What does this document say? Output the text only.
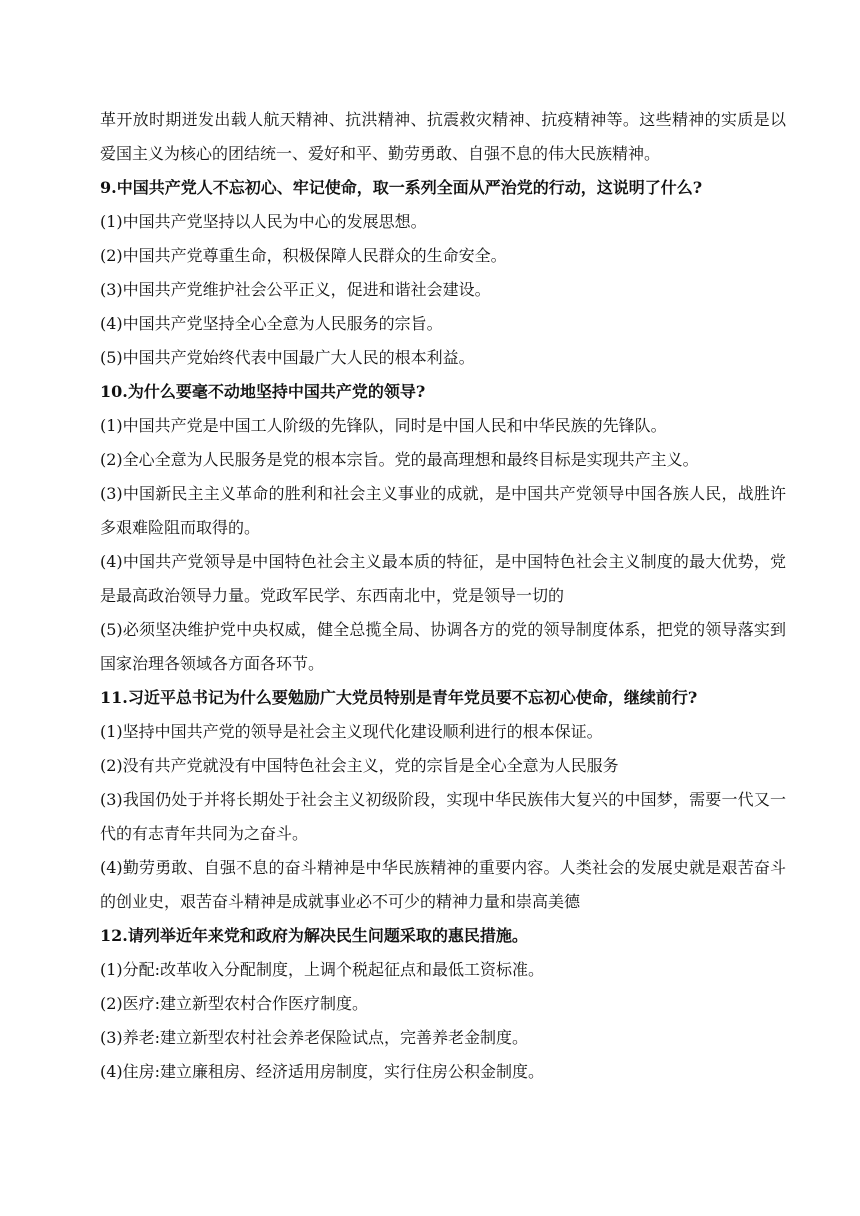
革开放时期迸发出载人航天精神、抗洪精神、抗震救灾精神、抗疫精神等。这些精神的实质是以爱国主义为核心的团结统一、爱好和平、勤劳勇敢、自强不息的伟大民族精神。
9.中国共产党人不忘初心、牢记使命，取一系列全面从严治党的行动，这说明了什么?
(1)中国共产党坚持以人民为中心的发展思想。
(2)中国共产党尊重生命，积极保障人民群众的生命安全。
(3)中国共产党维护社会公平正义，促进和谐社会建设。
(4)中国共产党坚持全心全意为人民服务的宗旨。
(5)中国共产党始终代表中国最广大人民的根本利益。
10.为什么要毫不动地坚持中国共产党的领导?
(1)中国共产党是中国工人阶级的先锋队，同时是中国人民和中华民族的先锋队。
(2)全心全意为人民服务是党的根本宗旨。党的最高理想和最终目标是实现共产主义。
(3)中国新民主主义革命的胜利和社会主义事业的成就，是中国共产党领导中国各族人民，战胜许多艰难险阻而取得的。
(4)中国共产党领导是中国特色社会主义最本质的特征，是中国特色社会主义制度的最大优势，党是最高政治领导力量。党政军民学、东西南北中，党是领导一切的
(5)必须坚决维护党中央权威，健全总揽全局、协调各方的党的领导制度体系，把党的领导落实到国家治理各领域各方面各环节。
11.习近平总书记为什么要勉励广大党员特别是青年党员要不忘初心使命，继续前行?
(1)坚持中国共产党的领导是社会主义现代化建设顺利进行的根本保证。
(2)没有共产党就没有中国特色社会主义，党的宗旨是全心全意为人民服务
(3)我国仍处于并将长期处于社会主义初级阶段，实现中华民族伟大复兴的中国梦，需要一代又一代的有志青年共同为之奋斗。
(4)勤劳勇敢、自强不息的奋斗精神是中华民族精神的重要内容。人类社会的发展史就是艰苦奋斗的创业史，艰苦奋斗精神是成就事业必不可少的精神力量和崇高美德
12.请列举近年来党和政府为解决民生问题采取的惠民措施。
(1)分配:改革收入分配制度，上调个税起征点和最低工资标准。
(2)医疗:建立新型农村合作医疗制度。
(3)养老:建立新型农村社会养老保险试点，完善养老金制度。
(4)住房:建立廉租房、经济适用房制度，实行住房公积金制度。
